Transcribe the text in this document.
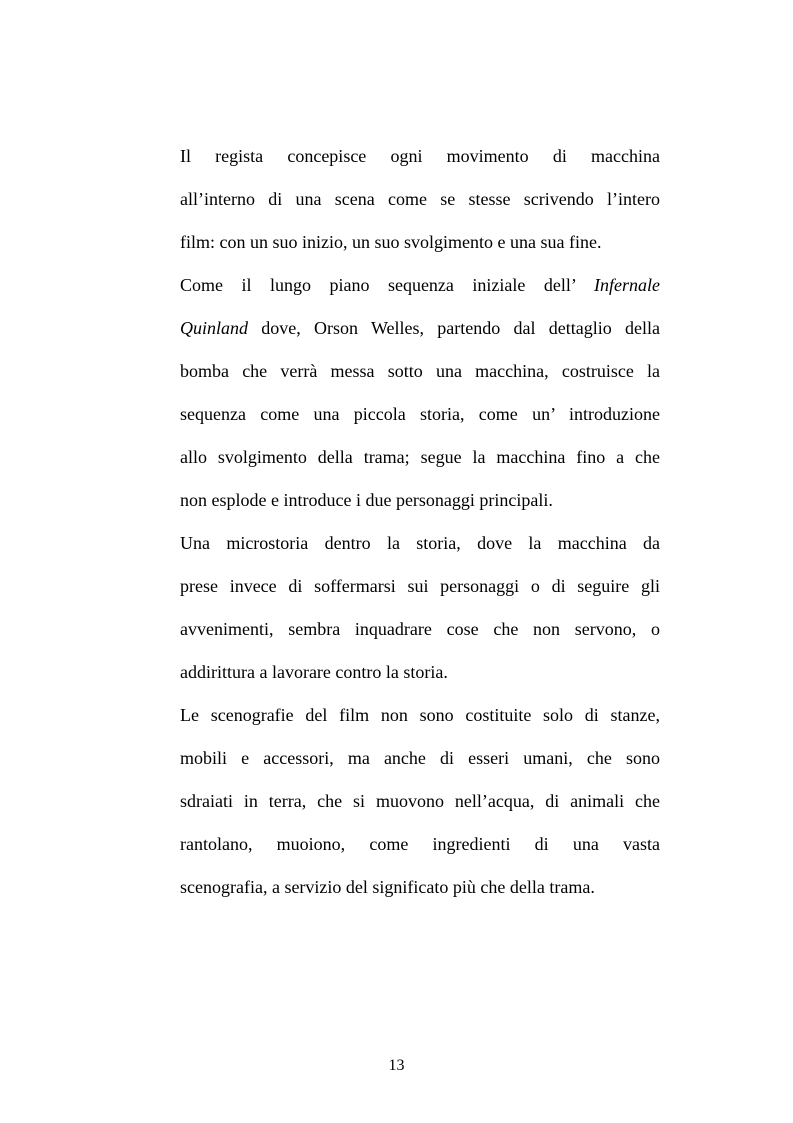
Il regista concepisce ogni movimento di macchina
all’interno di una scena come se stesse scrivendo l’intero
film: con un suo inizio, un suo svolgimento e una sua fine.
Come il lungo piano sequenza iniziale dell’ Infernale
Quinland dove, Orson Welles, partendo dal dettaglio della
bomba che verrà messa sotto una macchina, costruisce la
sequenza come una piccola storia, come un’ introduzione
allo svolgimento della trama; segue la macchina fino a che
non esplode e introduce i due personaggi principali.
Una microstoria dentro la storia, dove la macchina da
prese invece di soffermarsi sui personaggi o di seguire gli
avvenimenti, sembra inquadrare cose che non servono, o
addirittura a lavorare contro la storia.
Le scenografie del film non sono costituite solo di stanze,
mobili e accessori, ma anche di esseri umani, che sono
sdraiati in terra, che si muovono nell’acqua, di animali che
rantolano, muoiono, come ingredienti di una vasta
scenografia, a servizio del significato più che della trama.
13
